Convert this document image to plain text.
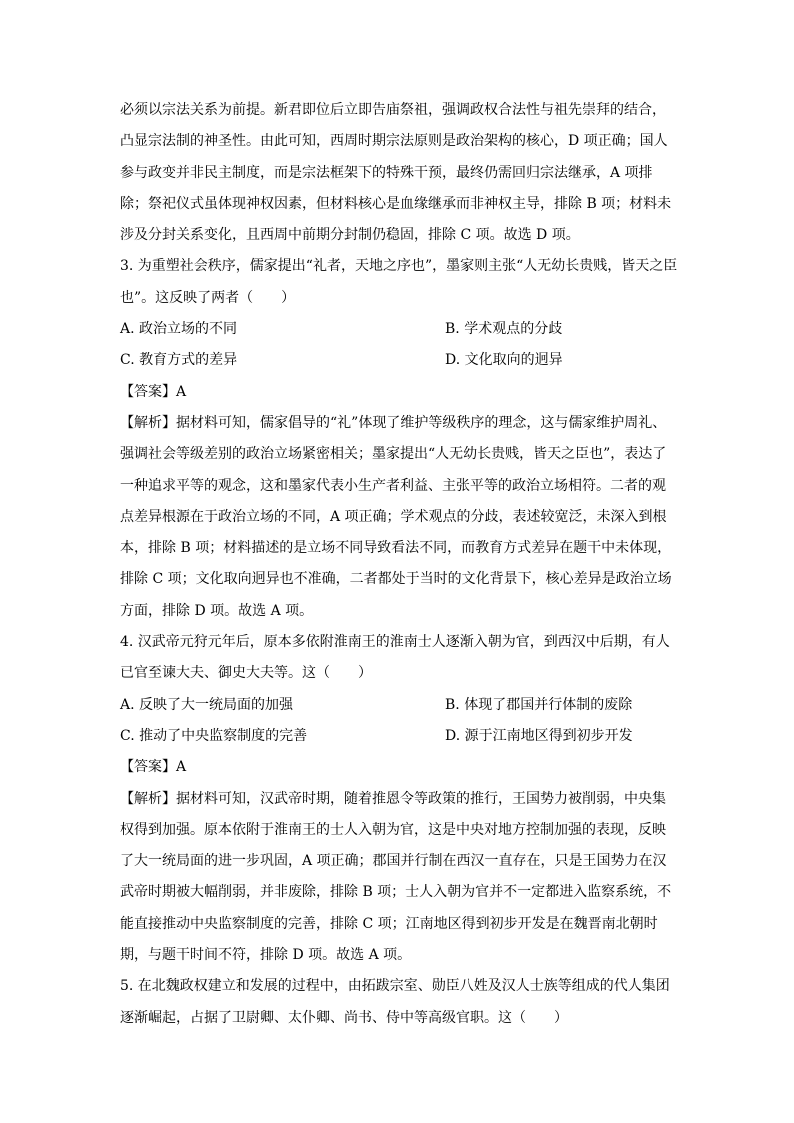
必须以宗法关系为前提。新君即位后立即告庙祭祖，强调政权合法性与祖先崇拜的结合，
凸显宗法制的神圣性。由此可知，西周时期宗法原则是政治架构的核心，D 项正确；国人
参与政变并非民主制度，而是宗法框架下的特殊干预，最终仍需回归宗法继承，A 项排
除；祭祀仪式虽体现神权因素，但材料核心是血缘继承而非神权主导，排除 B 项；材料未
涉及分封关系变化，且西周中前期分封制仍稳固，排除 C 项。故选 D 项。
3. 为重塑社会秩序，儒家提出“礼者，天地之序也”，墨家则主张“人无幼长贵贱，皆天之臣
也”。这反映了两者（　　）
A. 政治立场的不同	B. 学术观点的分歧
C. 教育方式的差异	D. 文化取向的迥异
【答案】A
【解析】据材料可知，儒家倡导的“礼”体现了维护等级秩序的理念，这与儒家维护周礼、
强调社会等级差别的政治立场紧密相关；墨家提出“人无幼长贵贱，皆天之臣也”，表达了
一种追求平等的观念，这和墨家代表小生产者利益、主张平等的政治立场相符。二者的观
点差异根源在于政治立场的不同，A 项正确；学术观点的分歧，表述较宽泛，未深入到根
本，排除 B 项；材料描述的是立场不同导致看法不同，而教育方式差异在题干中未体现，
排除 C 项；文化取向迥异也不准确，二者都处于当时的文化背景下，核心差异是政治立场
方面，排除 D 项。故选 A 项。
4. 汉武帝元狩元年后，原本多依附淮南王的淮南士人逐渐入朝为官，到西汉中后期，有人
已官至谏大夫、御史大夫等。这（　　）
A. 反映了大一统局面的加强	B. 体现了郡国并行体制的废除
C. 推动了中央监察制度的完善	D. 源于江南地区得到初步开发
【答案】A
【解析】据材料可知，汉武帝时期，随着推恩令等政策的推行，王国势力被削弱，中央集
权得到加强。原本依附于淮南王的士人入朝为官，这是中央对地方控制加强的表现，反映
了大一统局面的进一步巩固，A 项正确；郡国并行制在西汉一直存在，只是王国势力在汉
武帝时期被大幅削弱，并非废除，排除 B 项；士人入朝为官并不一定都进入监察系统，不
能直接推动中央监察制度的完善，排除 C 项；江南地区得到初步开发是在魏晋南北朝时
期，与题干时间不符，排除 D 项。故选 A 项。
5. 在北魏政权建立和发展的过程中，由拓跋宗室、勋臣八姓及汉人士族等组成的代人集团
逐渐崛起，占据了卫尉卿、太仆卿、尚书、侍中等高级官职。这（　　）
